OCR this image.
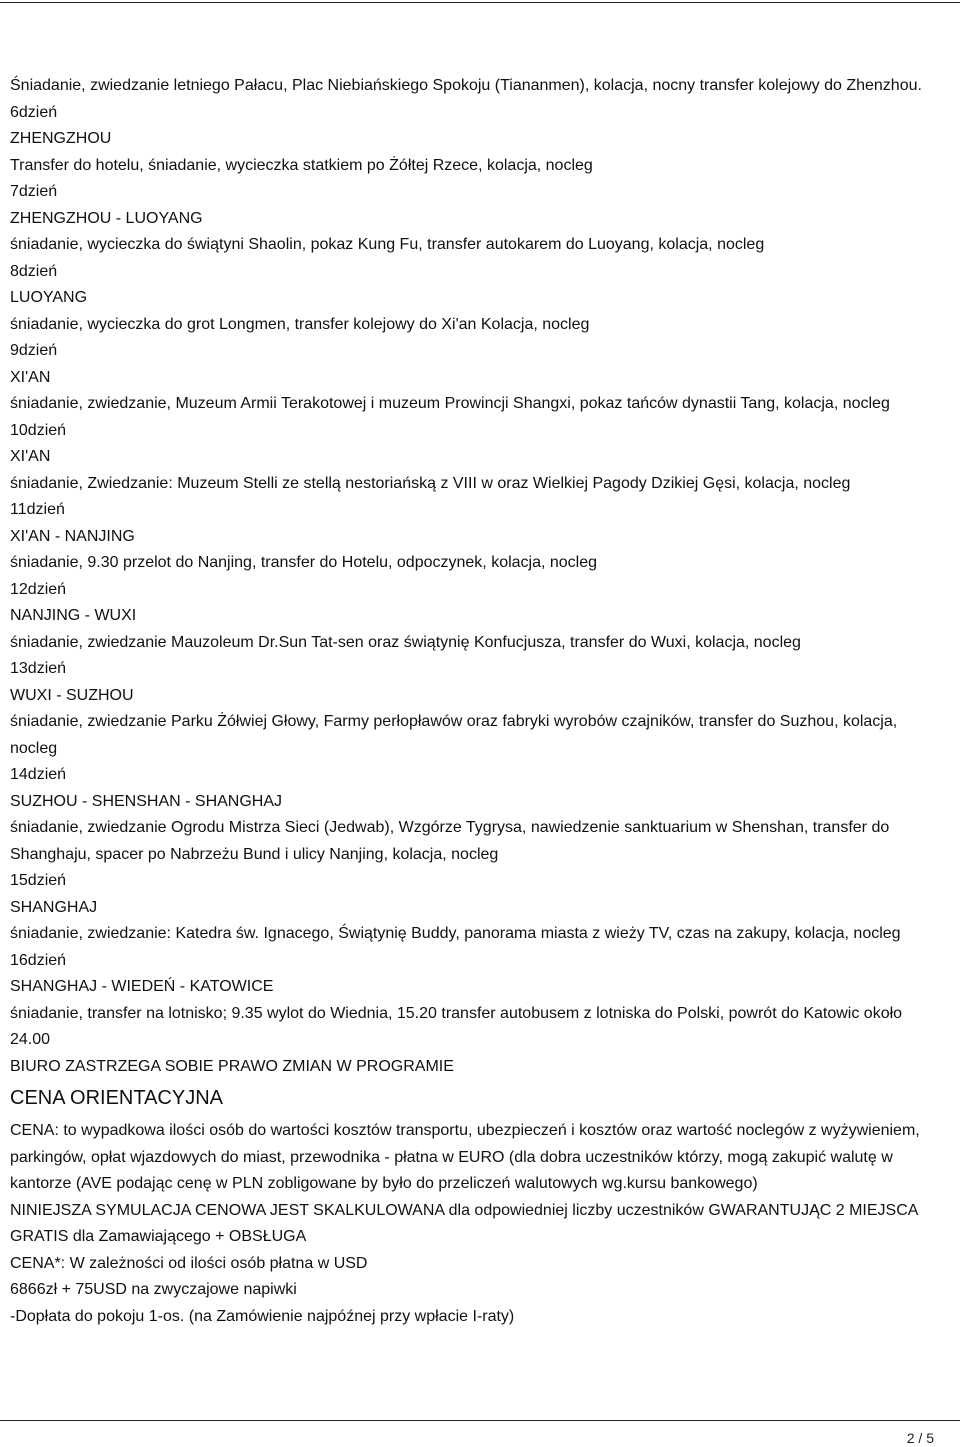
Śniadanie, zwiedzanie letniego Pałacu, Plac Niebiańskiego Spokoju (Tiananmen), kolacja, nocny transfer kolejowy do Zhenzhou.

6dzień

ZHENGZHOU

Transfer do hotelu, śniadanie, wycieczka statkiem po Żółtej Rzece, kolacja, nocleg

7dzień

ZHENGZHOU - LUOYANG

śniadanie, wycieczka do świątyni Shaolin, pokaz Kung Fu, transfer autokarem do Luoyang, kolacja, nocleg

8dzień

LUOYANG

śniadanie, wycieczka do grot Longmen, transfer kolejowy do Xi'an Kolacja, nocleg

9dzień

XI'AN

śniadanie, zwiedzanie, Muzeum Armii Terakotowej i muzeum Prowincji Shangxi, pokaz tańców dynastii Tang, kolacja, nocleg

10dzień

XI'AN

śniadanie, Zwiedzanie: Muzeum Stelli ze stellą nestoriańską z VIII w oraz Wielkiej Pagody Dzikiej Gęsi, kolacja, nocleg

11dzień

XI'AN - NANJING

śniadanie, 9.30 przelot do Nanjing, transfer do Hotelu, odpoczynek, kolacja, nocleg

12dzień

NANJING - WUXI

śniadanie, zwiedzanie Mauzoleum Dr.Sun Tat-sen oraz świątynię Konfucjusza, transfer do Wuxi, kolacja, nocleg

13dzień

WUXI - SUZHOU

śniadanie, zwiedzanie Parku Żółwiej Głowy, Farmy perłopławów oraz fabryki wyrobów czajników, transfer do Suzhou, kolacja, nocleg

14dzień

SUZHOU - SHENSHAN - SHANGHAJ

śniadanie, zwiedzanie Ogrodu Mistrza Sieci (Jedwab), Wzgórze Tygrysa, nawiedzenie sanktuarium w Shenshan, transfer do Shanghaju, spacer po Nabrzeżu Bund i ulicy Nanjing, kolacja, nocleg

15dzień

SHANGHAJ

śniadanie, zwiedzanie: Katedra św. Ignacego, Świątynię Buddy, panorama miasta z wieży TV, czas na zakupy, kolacja, nocleg

16dzień

SHANGHAJ - WIEDEŃ - KATOWICE

śniadanie, transfer na lotnisko; 9.35 wylot do Wiednia, 15.20 transfer autobusem z lotniska do Polski, powrót do Katowic około 24.00

BIURO ZASTRZEGA SOBIE PRAWO ZMIAN W PROGRAMIE

CENA ORIENTACYJNA

CENA: to wypadkowa ilości osób do wartości kosztów transportu, ubezpieczeń i kosztów oraz wartość noclegów z wyżywieniem, parkingów, opłat wjazdowych do miast, przewodnika - płatna w EURO (dla dobra uczestników którzy, mogą zakupić walutę w kantorze (AVE podając cenę w PLN zobligowane by było do przeliczeń walutowych wg.kursu bankowego)

NINIEJSZA SYMULACJA CENOWA JEST SKALKULOWANA dla odpowiedniej liczby uczestników GWARANTUJĄC 2 MIEJSCA GRATIS dla Zamawiającego + OBSŁUGA

CENA*: W zależności od ilości osób płatna w USD

6866zł + 75USD na zwyczajowe napiwki

-Dopłata do pokoju 1-os. (na Zamówienie najpóźnej przy wpłacie I-raty)

2 / 5
